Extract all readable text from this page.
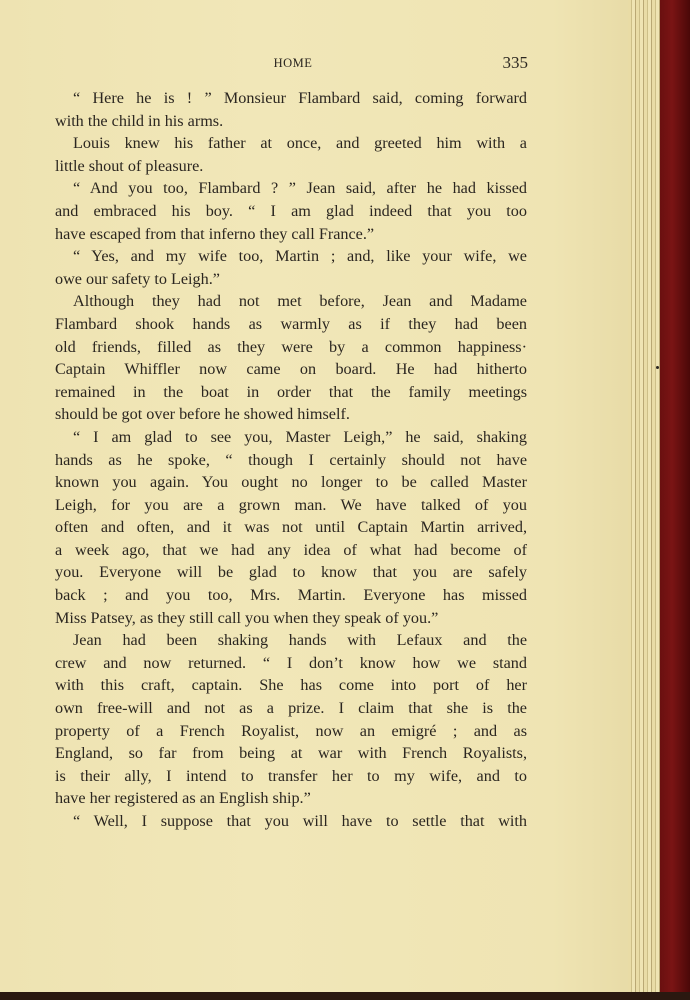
HOME	335
“ Here he is ! ” Monsieur Flambard said, coming forward
with the child in his arms.
Louis knew his father at once, and greeted him with a
little shout of pleasure.
“ And you too, Flambard ? ” Jean said, after he had kissed
and embraced his boy. “ I am glad indeed that you too
have escaped from that inferno they call France.”
“ Yes, and my wife too, Martin ; and, like your wife, we
owe our safety to Leigh.”
Although they had not met before, Jean and Madame
Flambard shook hands as warmly as if they had been
old friends, filled as they were by a common happiness·
Captain Whiffler now came on board. He had hitherto
remained in the boat in order that the family meetings
should be got over before he showed himself.
“ I am glad to see you, Master Leigh,” he said, shaking
hands as he spoke, “ though I certainly should not have
known you again. You ought no longer to be called Master
Leigh, for you are a grown man. We have talked of you
often and often, and it was not until Captain Martin arrived,
a week ago, that we had any idea of what had become of
you. Everyone will be glad to know that you are safely
back ; and you too, Mrs. Martin. Everyone has missed
Miss Patsey, as they still call you when they speak of you.”
Jean had been shaking hands with Lefaux and the
crew and now returned. “ I don’t know how we stand
with this craft, captain. She has come into port of her
own free-will and not as a prize. I claim that she is the
property of a French Royalist, now an emigré ; and as
England, so far from being at war with French Royalists,
is their ally, I intend to transfer her to my wife, and to
have her registered as an English ship.”
“ Well, I suppose that you will have to settle that with
